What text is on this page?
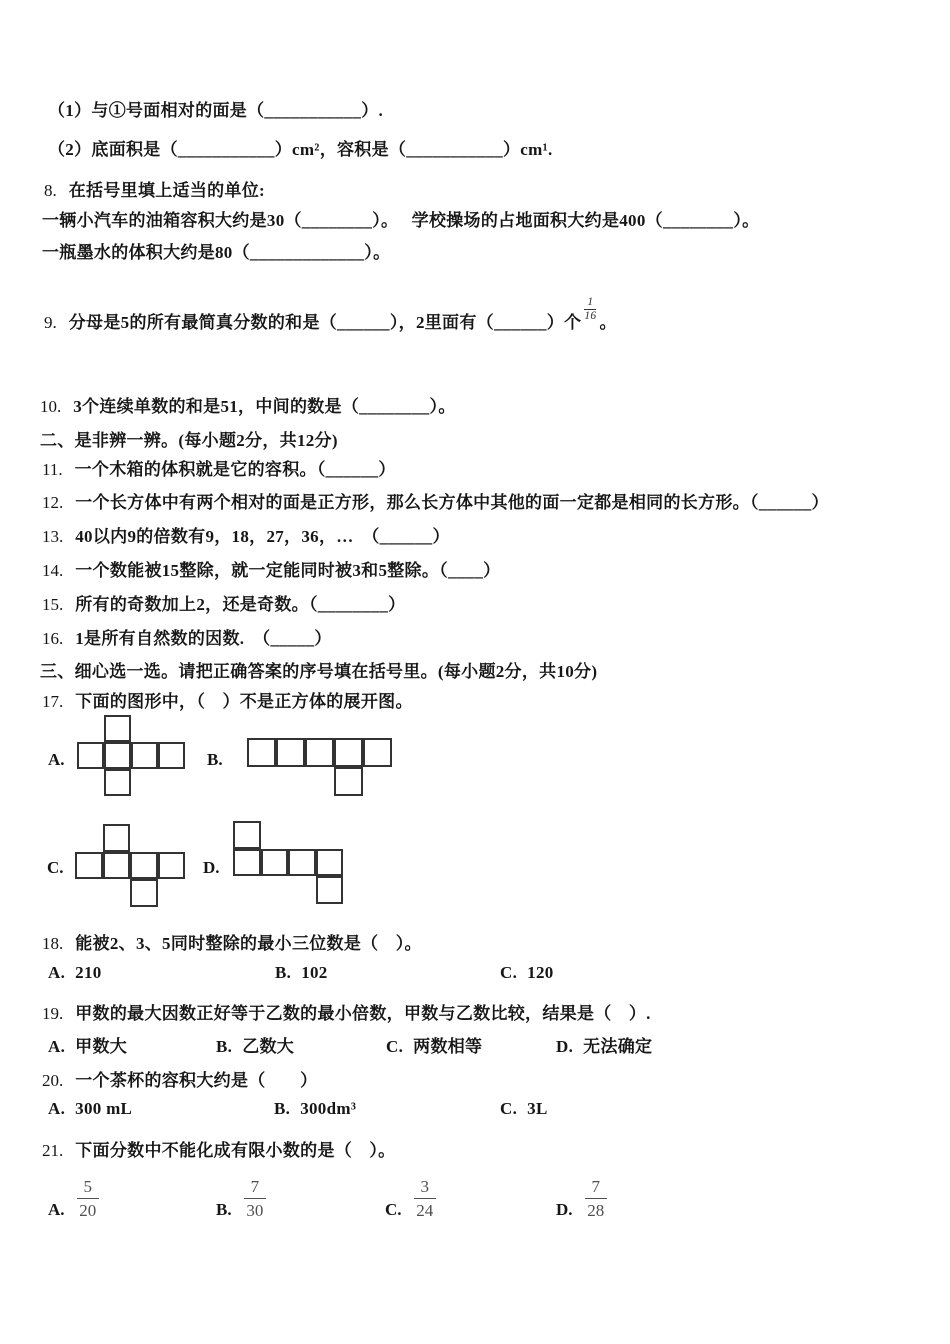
（1）与①号面相对的面是（___________）.
（2）底面积是（___________）cm²，容积是（___________）cm¹.
8. 在括号里填上适当的单位:
一辆小汽车的油箱容积大约是30（________）。　 学校操场的占地面积大约是400（________）。
一瓶墨水的体积大约是80（_____________）。
9. 分母是5的所有最简真分数的和是（______），2里面有（______）个 $\frac{1}{16}$ 。
10. 3个连续单数的和是51，中间的数是（________）。
二、是非辨一辨。(每小题2分，共12分)
11. 一个木箱的体积就是它的容积。（______）
12. 一个长方体中有两个相对的面是正方形，那么长方体中其他的面一定都是相同的长方形。（______）
13. 40以内9的倍数有9，18，27，36，…　（______）
14. 一个数能被15整除，就一定能同时被3和5整除。（____）
15. 所有的奇数加上2，还是奇数。（________）
16. 1是所有自然数的因数.　（_____）
三、细心选一选。请把正确答案的序号填在括号里。(每小题2分，共10分)
17. 下面的图形中，（　）不是正方体的展开图。
A.	B.
C.	D.
18. 能被2、3、5同时整除的最小三位数是（　）。
A. 210	B. 102	C. 120
19. 甲数的最大因数正好等于乙数的最小倍数，甲数与乙数比较，结果是（　）.
A. 甲数大	B. 乙数大	C. 两数相等	D. 无法确定
20. 一个茶杯的容积大约是（　　）
A. 300 mL	B. 300dm³	C. 3L
21. 下面分数中不能化成有限小数的是（　）。
A. $\frac{5}{20}$	B. $\frac{7}{30}$	C. $\frac{3}{24}$	D. $\frac{7}{28}$
